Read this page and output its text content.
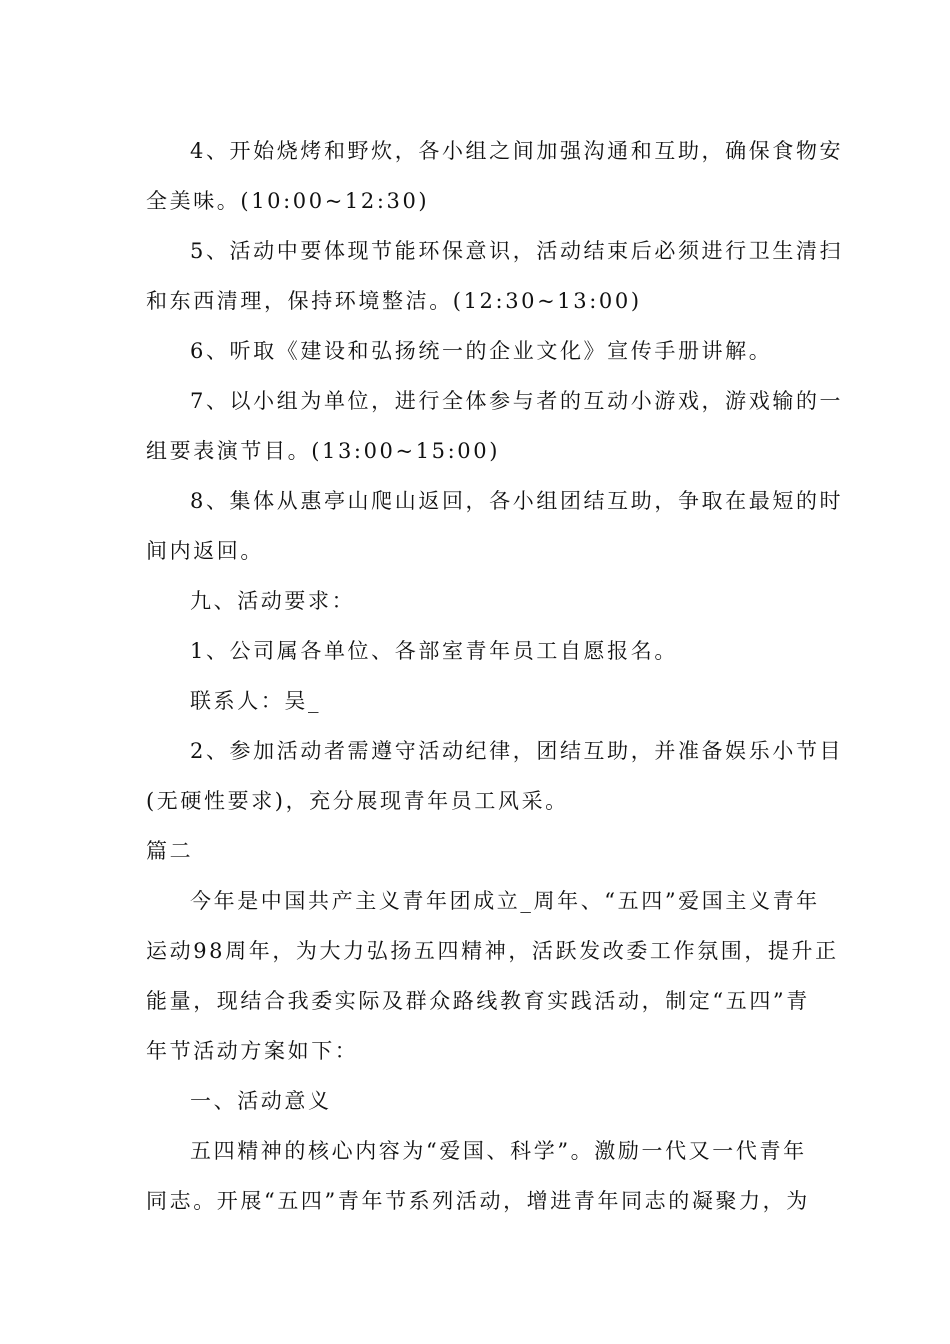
4、开始烧烤和野炊，各小组之间加强沟通和互助，确保食物安
全美味。(10:00~12:30)
5、活动中要体现节能环保意识，活动结束后必须进行卫生清扫
和东西清理，保持环境整洁。(12:30~13:00)
6、听取《建设和弘扬统一的企业文化》宣传手册讲解。
7、以小组为单位，进行全体参与者的互动小游戏，游戏输的一
组要表演节目。(13:00~15:00)
8、集体从惠亭山爬山返回，各小组团结互助，争取在最短的时
间内返回。
九、活动要求：
1、公司属各单位、各部室青年员工自愿报名。
联系人：吴_
2、参加活动者需遵守活动纪律，团结互助，并准备娱乐小节目
(无硬性要求)，充分展现青年员工风采。
篇二
今年是中国共产主义青年团成立_周年、“五四”爱国主义青年
运动98周年，为大力弘扬五四精神，活跃发改委工作氛围，提升正
能量，现结合我委实际及群众路线教育实践活动，制定“五四”青
年节活动方案如下：
一、活动意义
五四精神的核心内容为“爱国、科学”。激励一代又一代青年
同志。开展“五四”青年节系列活动，增进青年同志的凝聚力，为
